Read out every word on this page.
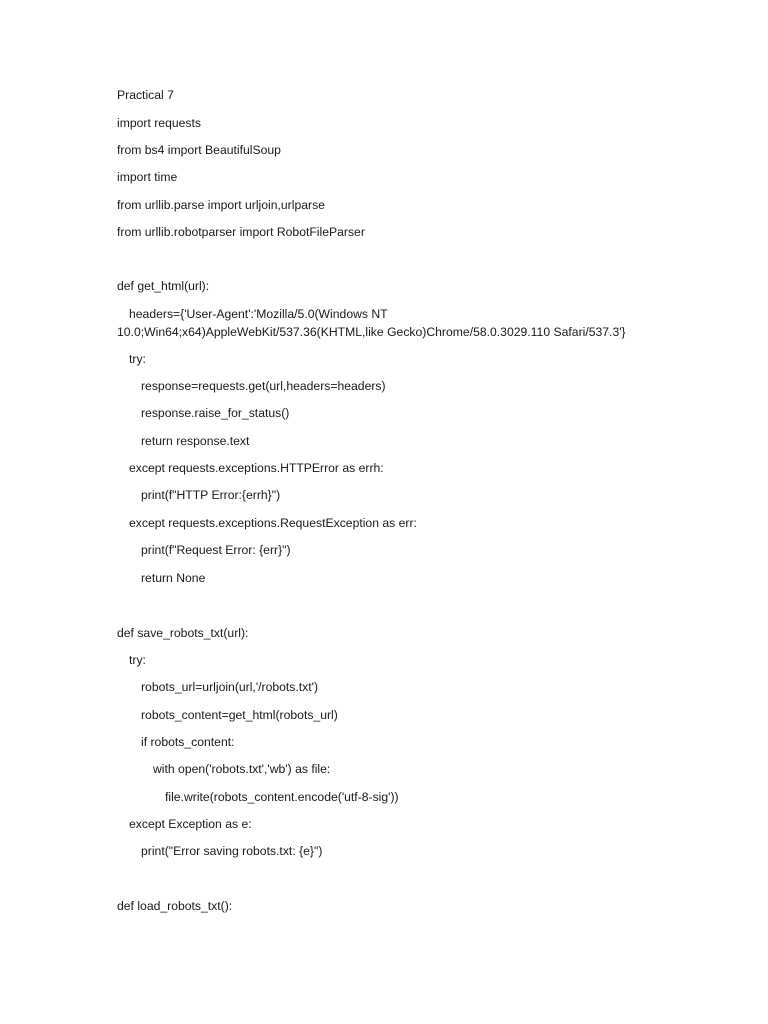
Practical 7
import requests
from bs4 import BeautifulSoup
import time
from urllib.parse import urljoin,urlparse
from urllib.robotparser import RobotFileParser
def get_html(url):
headers={'User-Agent':'Mozilla/5.0(Windows NT 10.0;Win64;x64)AppleWebKit/537.36(KHTML,like Gecko)Chrome/58.0.3029.110 Safari/537.3'}
try:
response=requests.get(url,headers=headers)
response.raise_for_status()
return response.text
except requests.exceptions.HTTPError as errh:
print(f"HTTP Error:{errh}")
except requests.exceptions.RequestException as err:
print(f"Request Error: {err}")
return None
def save_robots_txt(url):
try:
robots_url=urljoin(url,'/robots.txt')
robots_content=get_html(robots_url)
if robots_content:
with open('robots.txt','wb') as file:
file.write(robots_content.encode('utf-8-sig'))
except Exception as e:
print("Error saving robots.txt: {e}")
def load_robots_txt():
